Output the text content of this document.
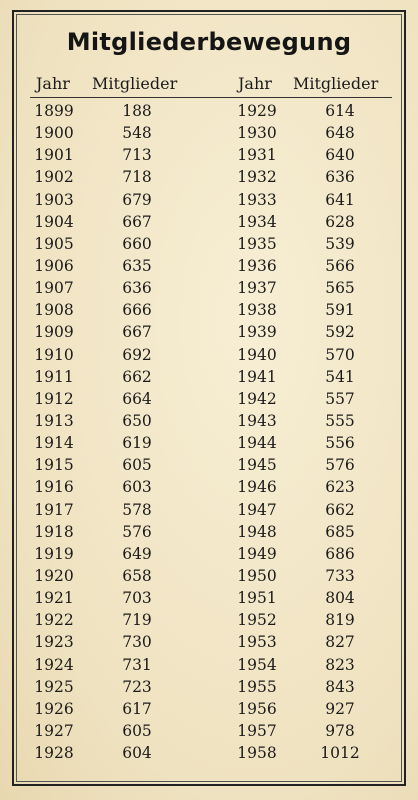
Mitgliederbewegung
Jahr Mitglieder	Jahr Mitglieder
1899	188	1929	614
1900	548	1930	648
1901	713	1931	640
1902	718	1932	636
1903	679	1933	641
1904	667	1934	628
1905	660	1935	539
1906	635	1936	566
1907	636	1937	565
1908	666	1938	591
1909	667	1939	592
1910	692	1940	570
1911	662	1941	541
1912	664	1942	557
1913	650	1943	555
1914	619	1944	556
1915	605	1945	576
1916	603	1946	623
1917	578	1947	662
1918	576	1948	685
1919	649	1949	686
1920	658	1950	733
1921	703	1951	804
1922	719	1952	819
1923	730	1953	827
1924	731	1954	823
1925	723	1955	843
1926	617	1956	927
1927	605	1957	978
1928	604	1958	1012
